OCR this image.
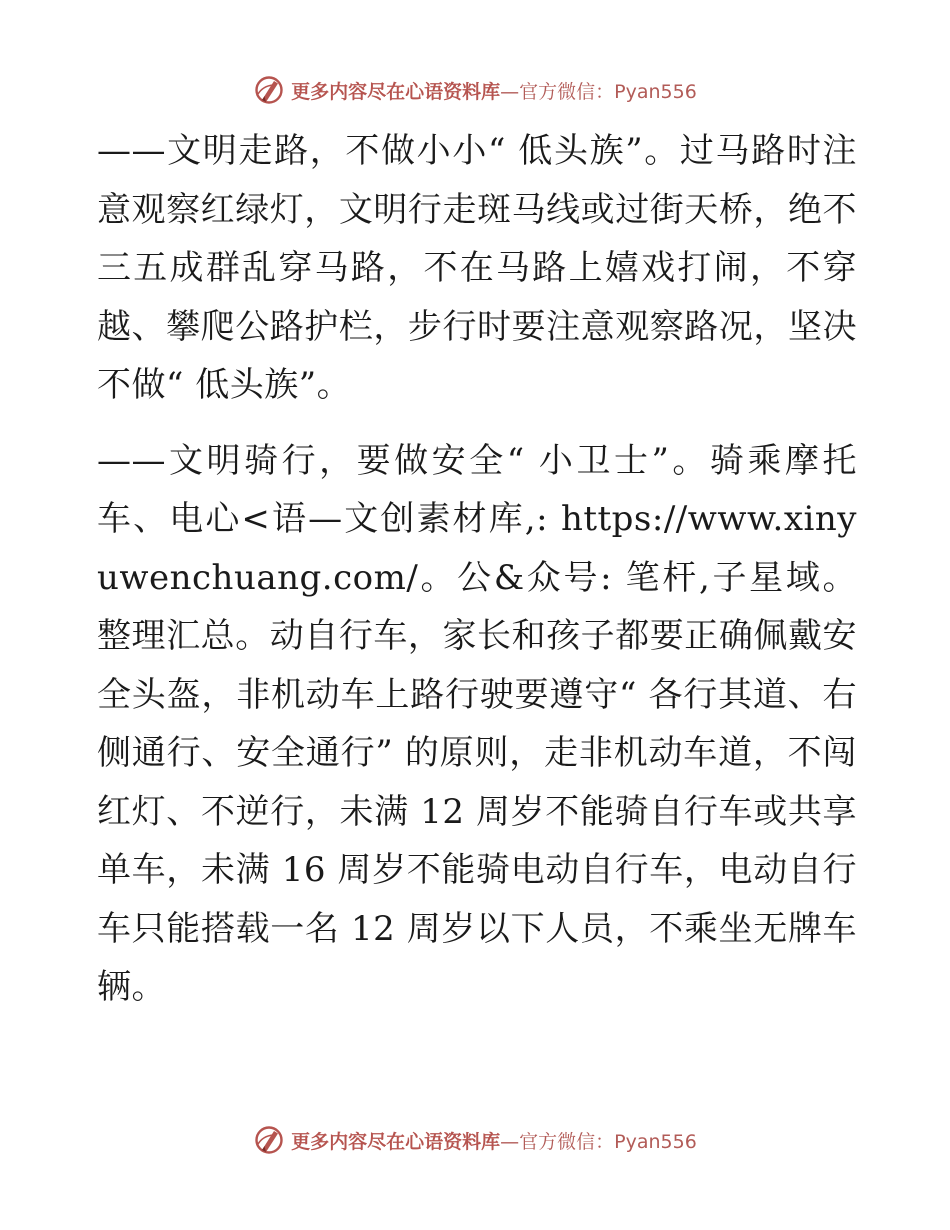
更多内容尽在心语资料库—官方微信：Pyan556

——文明走路，不做小小“ 低头族”。过马路时注意观察红绿灯，文明行走斑马线或过街天桥，绝不三五成群乱穿马路，不在马路上嬉戏打闹，不穿越、攀爬公路护栏，步行时要注意观察路况，坚决不做“ 低头族”。

——文明骑行，要做安全“ 小卫士”。骑乘摩托车、电心<语—文创素材库,: https://www.xinyuwenchuang.com/。公&众号: 笔杆,子星域。整理汇总。动自行车，家长和孩子都要正确佩戴安全头盔，非机动车上路行驶要遵守“ 各行其道、右侧通行、安全通行” 的原则，走非机动车道，不闯红灯、不逆行，未满 12 周岁不能骑自行车或共享单车，未满 16 周岁不能骑电动自行车，电动自行车只能搭载一名 12 周岁以下人员，不乘坐无牌车辆。

更多内容尽在心语资料库—官方微信：Pyan556
